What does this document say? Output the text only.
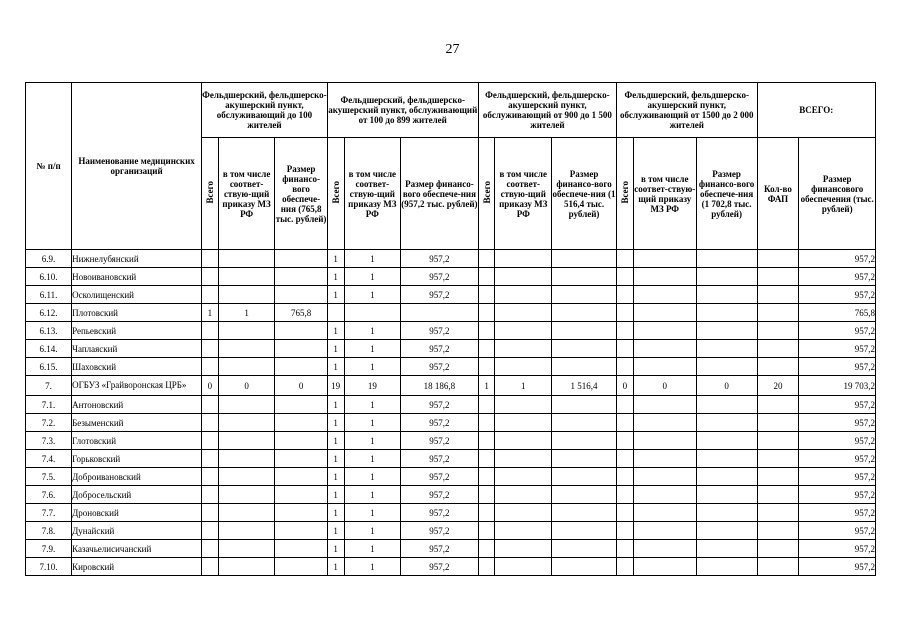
27
№ п/п	Наименование медицинских организаций	Фельдшерский, фельдшерско-акушерский пункт, обслуживающий до 100 жителей			Фельдшерский, фельдшерско-акушерский пункт, обслуживающий от 100 до 899 жителей			Фельдшерский, фельдшерско-акушерский пункт, обслуживающий от 900 до 1 500 жителей			Фельдшерский, фельдшерско-акушерский пункт, обслуживающий от 1500 до 2 000 жителей			ВСЕГО:	
		Всего	в том числе соответ-ствую-щий приказу МЗ РФ	Размер финансо-вого обеспече-ния (765,8 тыс. рублей)	Всего	в том числе соответ-ствую-щий приказу МЗ РФ	Размер финансо-вого обеспече-ния (957,2 тыс. рублей)	Всего	в том числе соответ-ствую-щий приказу МЗ РФ	Размер финансо-вого обеспече-ния (1 516,4 тыс. рублей)	Всего	в том числе соответ-ствую-щий приказу МЗ РФ	Размер финансо-вого обеспече-ния (1 702,8 тыс. рублей)	Кол-во ФАП	Размер финансового обеспечения (тыс. рублей)
6.9.	Нижнелубянский				1	1	957,2								957,2
6.10.	Новоивановский				1	1	957,2								957,2
6.11.	Осколищенский				1	1	957,2								957,2
6.12.	Плотовский	1	1	765,8											765,8
6.13.	Репьевский				1	1	957,2								957,2
6.14.	Чаплаяский				1	1	957,2								957,2
6.15.	Шаховский				1	1	957,2								957,2
7.	ОГБУЗ «Грайворонская ЦРБ»	0	0	0	19	19	18 186,8	1	1	1 516,4	0	0	0	20	19 703,2
7.1.	Антоновский				1	1	957,2								957,2
7.2.	Безыменский				1	1	957,2								957,2
7.3.	Глотовский				1	1	957,2								957,2
7.4.	Горьковский				1	1	957,2								957,2
7.5.	Доброивановский				1	1	957,2								957,2
7.6.	Добросельский				1	1	957,2								957,2
7.7.	Дроновский				1	1	957,2								957,2
7.8.	Дунайский				1	1	957,2								957,2
7.9.	Казачьелисичанский				1	1	957,2								957,2
7.10.	Кировский				1	1	957,2								957,2
